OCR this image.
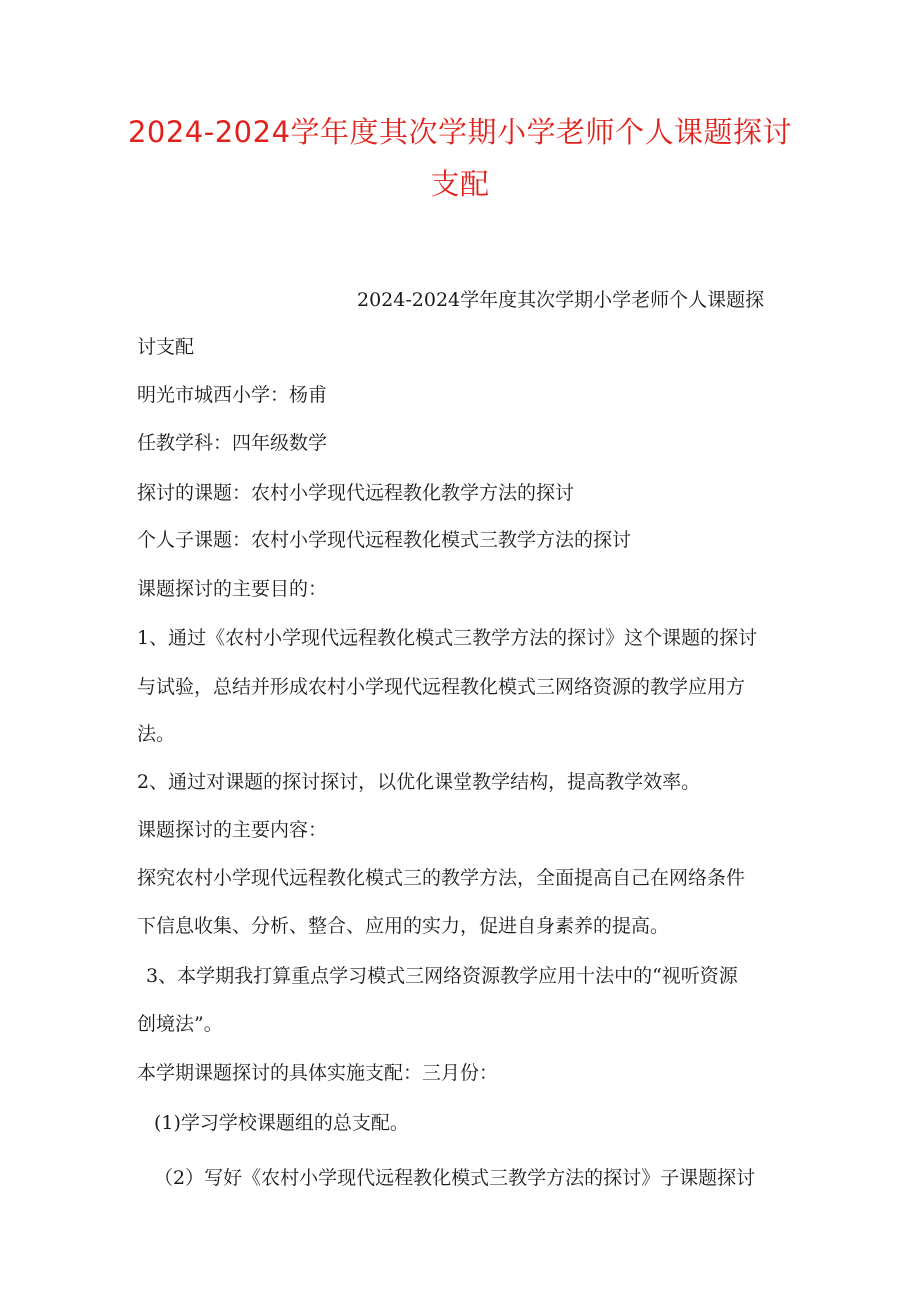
2024-2024学年度其次学期小学老师个人课题探讨
支配
2024-2024学年度其次学期小学老师个人课题探
讨支配
明光市城西小学：杨甫
任教学科：四年级数学
探讨的课题：农村小学现代远程教化教学方法的探讨
个人子课题：农村小学现代远程教化模式三教学方法的探讨
课题探讨的主要目的：
1、通过《农村小学现代远程教化模式三教学方法的探讨》这个课题的探讨
与试验，总结并形成农村小学现代远程教化模式三网络资源的教学应用方
法。
2、通过对课题的探讨探讨，以优化课堂教学结构，提高教学效率。
课题探讨的主要内容：
探究农村小学现代远程教化模式三的教学方法，全面提高自己在网络条件
下信息收集、分析、整合、应用的实力，促进自身素养的提高。
3、本学期我打算重点学习模式三网络资源教学应用十法中的“视听资源
创境法”。
本学期课题探讨的具体实施支配：三月份：
(1)学习学校课题组的总支配。
（2）写好《农村小学现代远程教化模式三教学方法的探讨》子课题探讨
